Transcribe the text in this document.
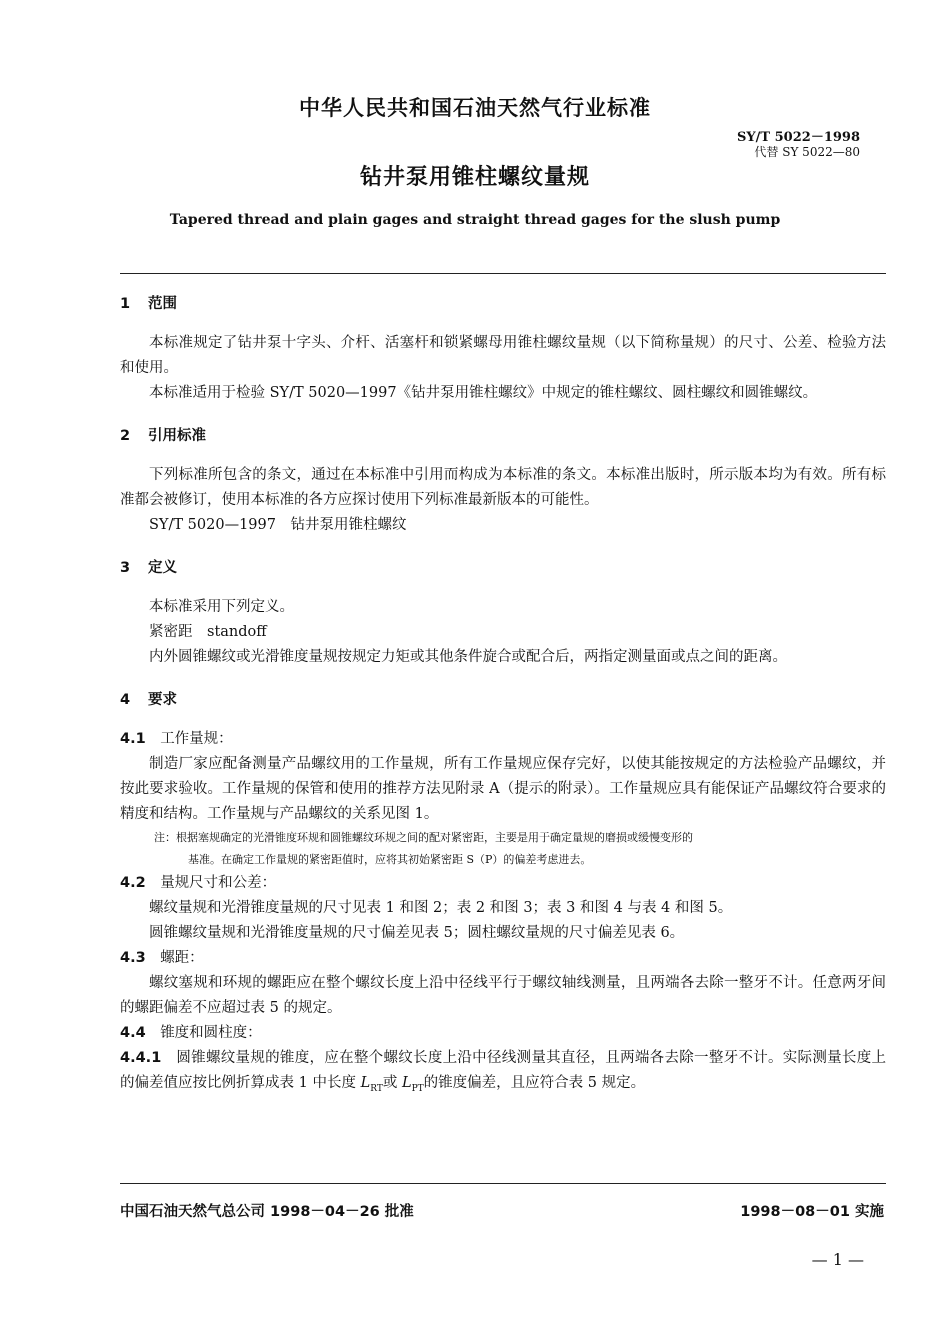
中华人民共和国石油天然气行业标准
SY/T 5022－1998
代替 SY 5022—80
钻井泵用锥柱螺纹量规
Tapered thread and plain gages and straight thread gages for the slush pump

1 范围

本标准规定了钻井泵十字头、介杆、活塞杆和锁紧螺母用锥柱螺纹量规（以下简称量规）的尺寸、公差、检验方法和使用。

本标准适用于检验 SY/T 5020—1997《钻井泵用锥柱螺纹》中规定的锥柱螺纹、圆柱螺纹和圆锥螺纹。

2 引用标准

下列标准所包含的条文，通过在本标准中引用而构成为本标准的条文。本标准出版时，所示版本均为有效。所有标准都会被修订，使用本标准的各方应探讨使用下列标准最新版本的可能性。

SY/T 5020—1997　钻井泵用锥柱螺纹

3 定义

本标准采用下列定义。

紧密距　standoff

内外圆锥螺纹或光滑锥度量规按规定力矩或其他条件旋合或配合后，两指定测量面或点之间的距离。

4 要求

4.1　 工作量规：

制造厂家应配备测量产品螺纹用的工作量规，所有工作量规应保存完好，以使其能按规定的方法检验产品螺纹，并按此要求验收。工作量规的保管和使用的推荐方法见附录 A（提示的附录）。工作量规应具有能保证产品螺纹符合要求的精度和结构。工作量规与产品螺纹的关系见图 1。

注：根据塞规确定的光滑锥度环规和圆锥螺纹环规之间的配对紧密距，主要是用于确定量规的磨损或缓慢变形的
基准。在确定工作量规的紧密距值时，应将其初始紧密距 S（P）的偏差考虑进去。

4.2　 量规尺寸和公差：

螺纹量规和光滑锥度量规的尺寸见表 1 和图 2；表 2 和图 3；表 3 和图 4 与表 4 和图 5。

圆锥螺纹量规和光滑锥度量规的尺寸偏差见表 5；圆柱螺纹量规的尺寸偏差见表 6。

4.3　 螺距：

螺纹塞规和环规的螺距应在整个螺纹长度上沿中径线平行于螺纹轴线测量，且两端各去除一整牙不计。任意两牙间的螺距偏差不应超过表 5 的规定。

4.4　 锥度和圆柱度：

4.4.1　 圆锥螺纹量规的锥度，应在整个螺纹长度上沿中径线测量其直径，且两端各去除一整牙不计。实际测量长度上的偏差值应按比例折算成表 1 中长度 $L_{RT}$或 $L_{PT}$的锥度偏差，且应符合表 5 规定。

中国石油天然气总公司 1998－04－26 批准	1998－08－01 实施
— 1 —
